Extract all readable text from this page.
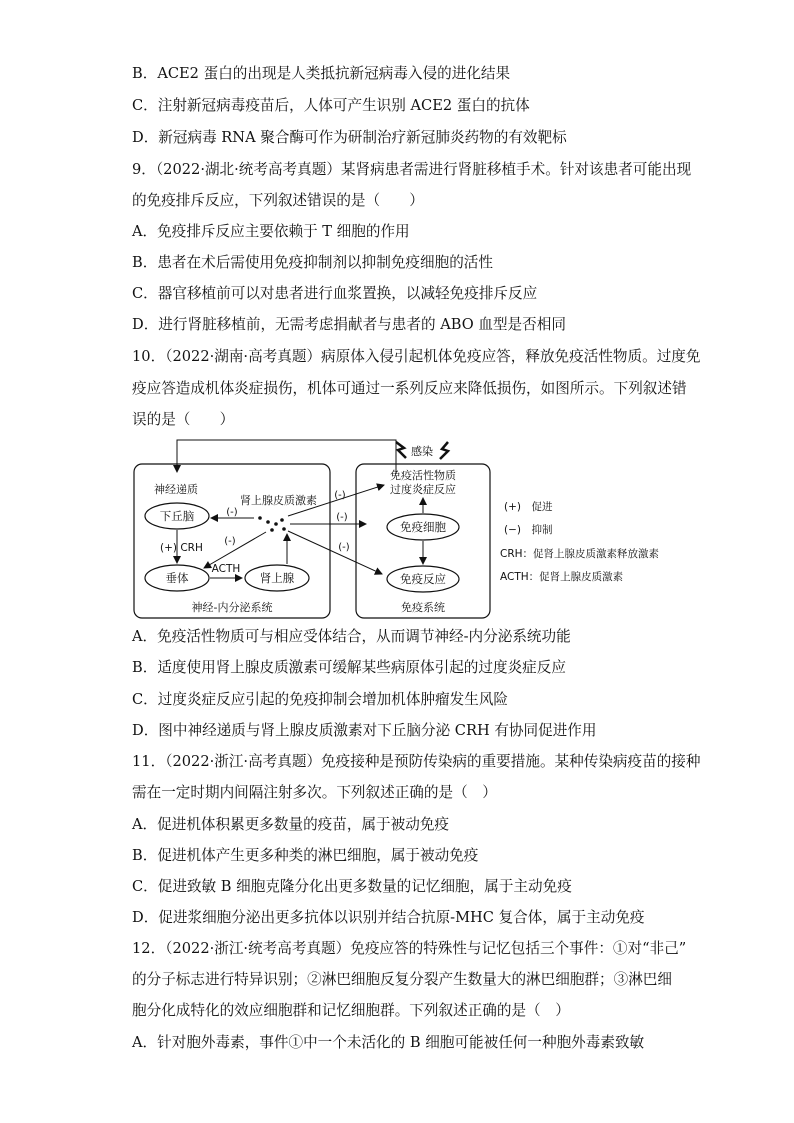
B．ACE2 蛋白的出现是人类抵抗新冠病毒入侵的进化结果
C．注射新冠病毒疫苗后，人体可产生识别 ACE2 蛋白的抗体
D．新冠病毒 RNA 聚合酶可作为研制治疗新冠肺炎药物的有效靶标
9．（2022·湖北·统考高考真题）某肾病患者需进行肾脏移植手术。针对该患者可能出现
的免疫排斥反应，下列叙述错误的是（　　）
A．免疫排斥反应主要依赖于 T 细胞的作用
B．患者在术后需使用免疫抑制剂以抑制免疫细胞的活性
C．器官移植前可以对患者进行血浆置换，以减轻免疫排斥反应
D．进行肾脏移植前，无需考虑捐献者与患者的 ABO 血型是否相同
10．（2022·湖南·高考真题）病原体入侵引起机体免疫应答，释放免疫活性物质。过度免
疫应答造成机体炎症损伤，机体可通过一系列反应来降低损伤，如图所示。下列叙述错
误的是（　　）
感染
神经递质
下丘脑
(+) CRH
垂体
ACTH
肾上腺
肾上腺皮质激素
(-)
(-)
(-)
(-)
(-)
免疫活性物质
过度炎症反应
免疫细胞
免疫反应
神经-内分泌系统	免疫系统
(+)　促进
(−)　抑制
CRH：促肾上腺皮质激素释放激素
ACTH：促肾上腺皮质激素
A．免疫活性物质可与相应受体结合，从而调节神经-内分泌系统功能
B．适度使用肾上腺皮质激素可缓解某些病原体引起的过度炎症反应
C．过度炎症反应引起的免疫抑制会增加机体肿瘤发生风险
D．图中神经递质与肾上腺皮质激素对下丘脑分泌 CRH 有协同促进作用
11．（2022·浙江·高考真题）免疫接种是预防传染病的重要措施。某种传染病疫苗的接种
需在一定时期内间隔注射多次。下列叙述正确的是（　）
A．促进机体积累更多数量的疫苗，属于被动免疫
B．促进机体产生更多种类的淋巴细胞，属于被动免疫
C．促进致敏 B 细胞克隆分化出更多数量的记忆细胞，属于主动免疫
D．促进浆细胞分泌出更多抗体以识别并结合抗原-MHC 复合体，属于主动免疫
12．（2022·浙江·统考高考真题）免疫应答的特殊性与记忆包括三个事件：①对“非己”
的分子标志进行特异识别；②淋巴细胞反复分裂产生数量大的淋巴细胞群；③淋巴细
胞分化成特化的效应细胞群和记忆细胞群。下列叙述正确的是（　）
A．针对胞外毒素，事件①中一个未活化的 B 细胞可能被任何一种胞外毒素致敏
